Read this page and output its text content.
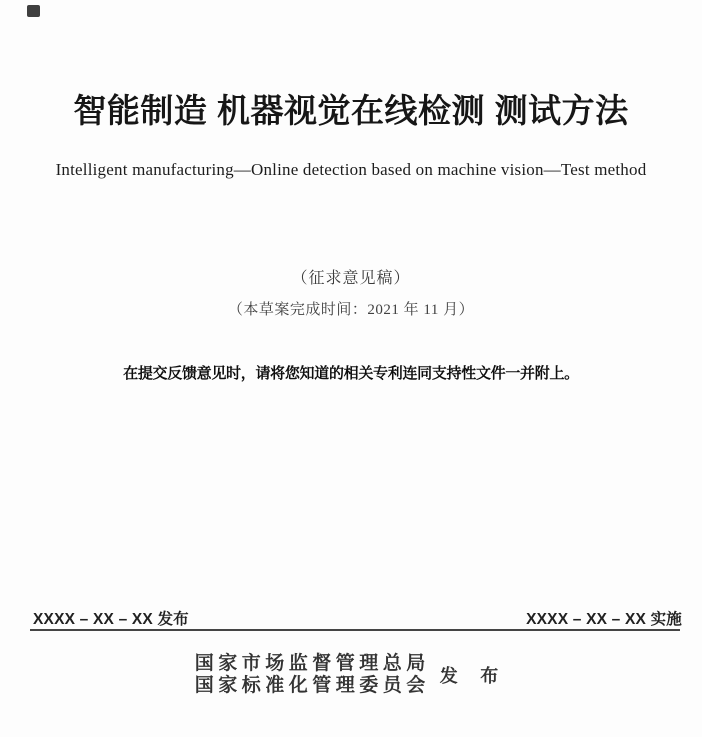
智能制造 机器视觉在线检测 测试方法
Intelligent manufacturing—Online detection based on machine vision—Test method
（征求意见稿）
（本草案完成时间：2021 年 11 月）
在提交反馈意见时，请将您知道的相关专利连同支持性文件一并附上。
XXXX – XX – XX 发布	XXXX – XX – XX 实施
国家市场监督管理总局
国家标准化管理委员会 发 布
